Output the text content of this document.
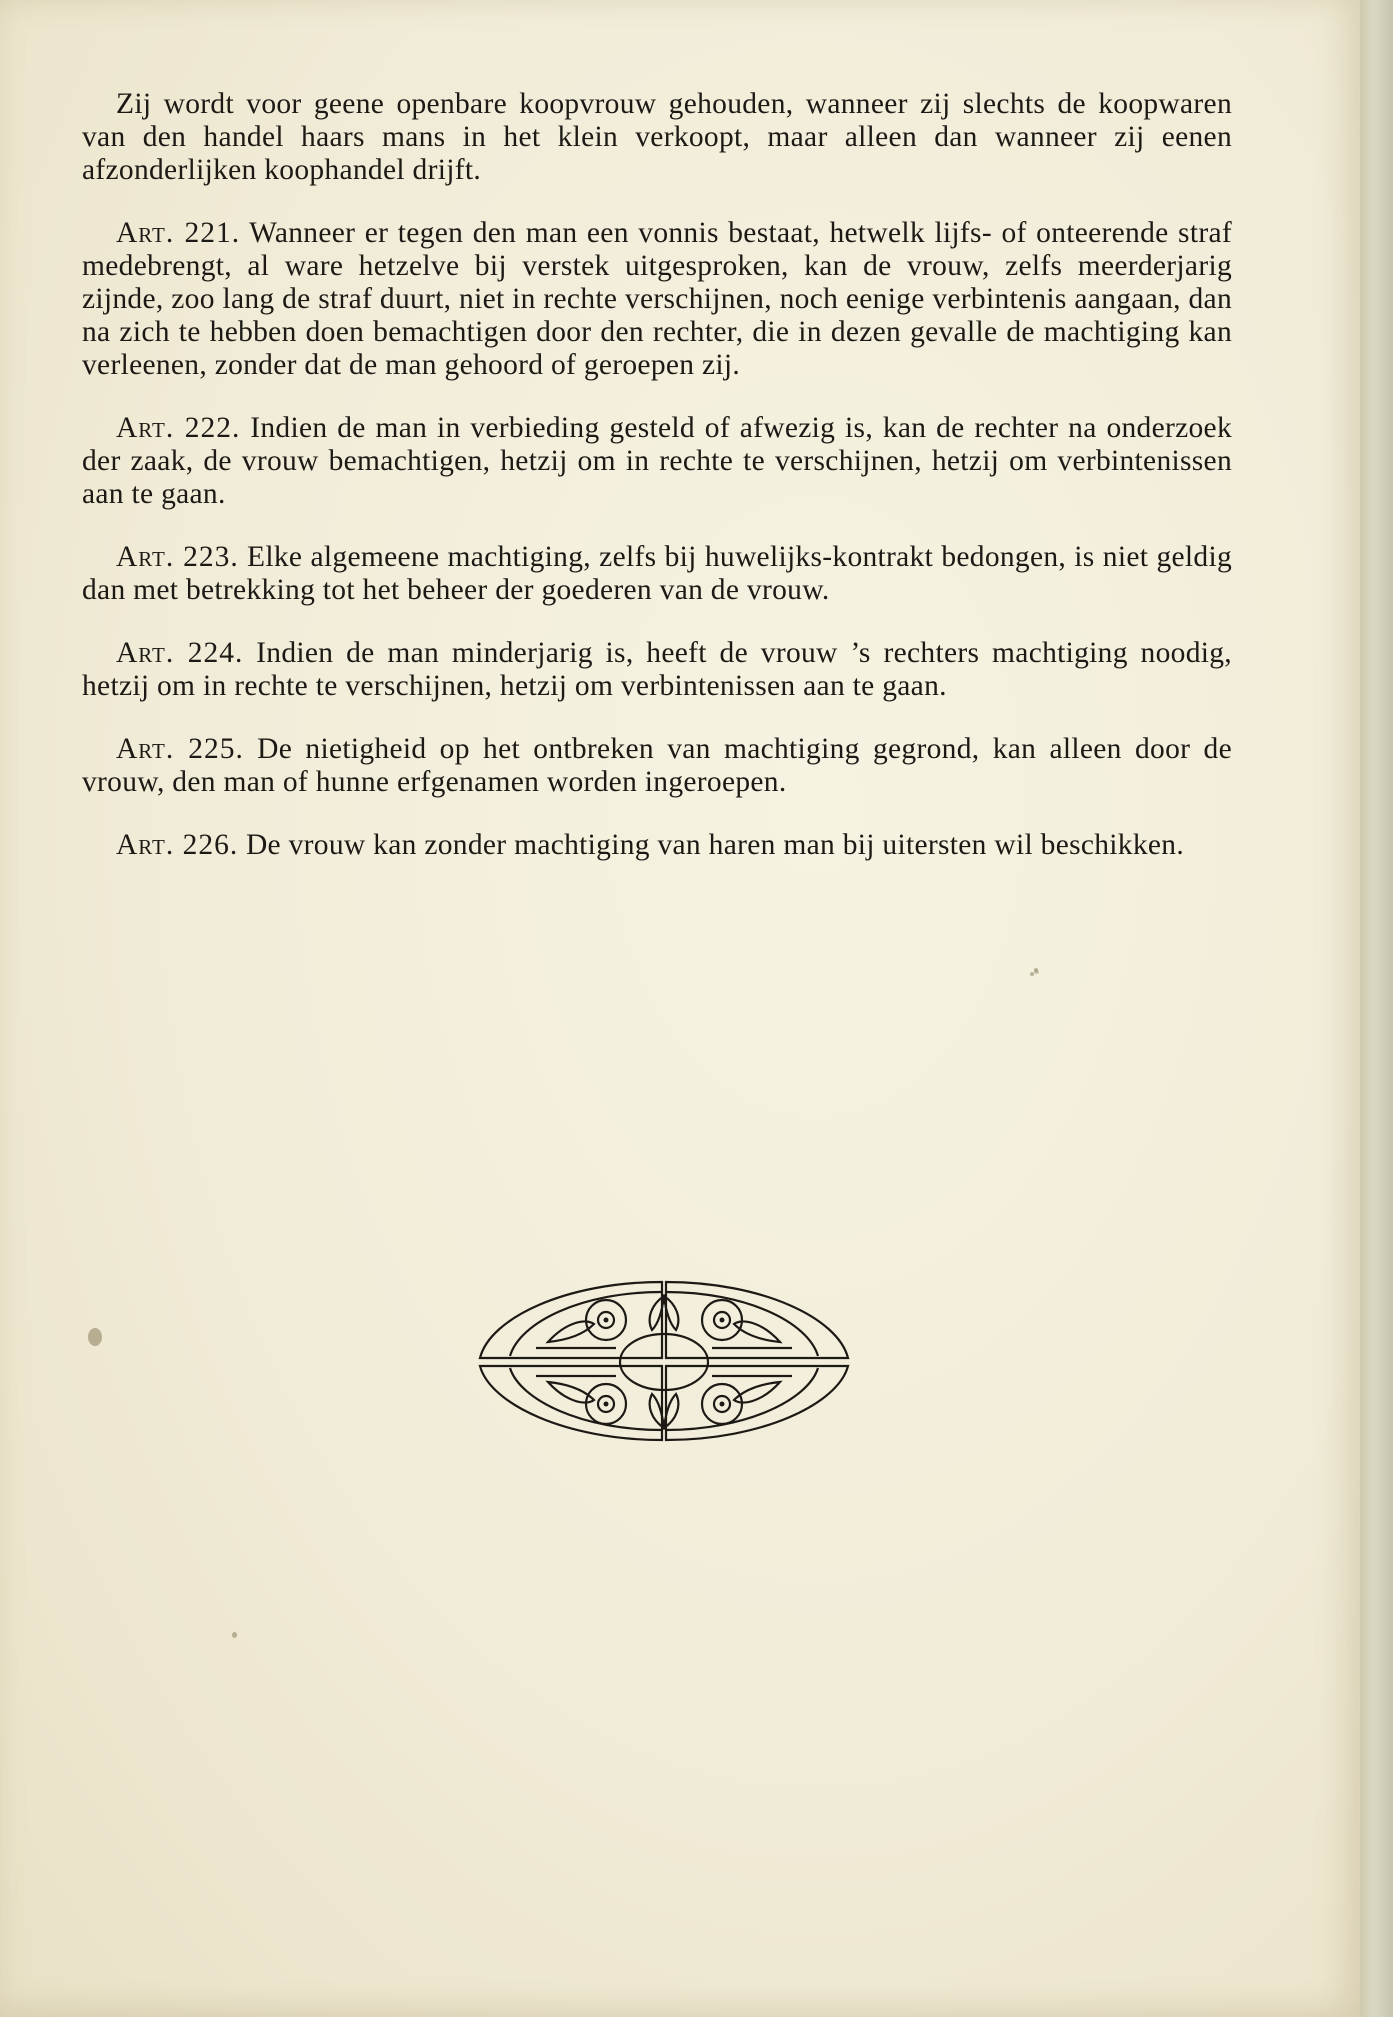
Zij wordt voor geene openbare koopvrouw gehouden, wanneer zij slechts de koopwaren van den handel haars mans in het klein verkoopt, maar alleen dan wanneer zij eenen afzonderlijken koophandel drijft.

Art. 221. Wanneer er tegen den man een vonnis bestaat, hetwelk lijfs- of onteerende straf medebrengt, al ware hetzelve bij verstek uitgesproken, kan de vrouw, zelfs meerderjarig zijnde, zoo lang de straf duurt, niet in rechte verschijnen, noch eenige verbintenis aangaan, dan na zich te hebben doen bemachtigen door den rechter, die in dezen gevalle de machtiging kan verleenen, zonder dat de man gehoord of geroepen zij.

Art. 222. Indien de man in verbieding gesteld of afwezig is, kan de rechter na onderzoek der zaak, de vrouw bemachtigen, hetzij om in rechte te verschijnen, hetzij om verbintenissen aan te gaan.

Art. 223. Elke algemeene machtiging, zelfs bij huwelijks-kontrakt bedongen, is niet geldig dan met betrekking tot het beheer der goederen van de vrouw.

Art. 224. Indien de man minderjarig is, heeft de vrouw ’s rechters machtiging noodig, hetzij om in rechte te verschijnen, hetzij om verbintenissen aan te gaan.

Art. 225. De nietigheid op het ontbreken van machtiging gegrond, kan alleen door de vrouw, den man of hunne erfgenamen worden ingeroepen.

Art. 226. De vrouw kan zonder machtiging van haren man bij uitersten wil beschikken.
